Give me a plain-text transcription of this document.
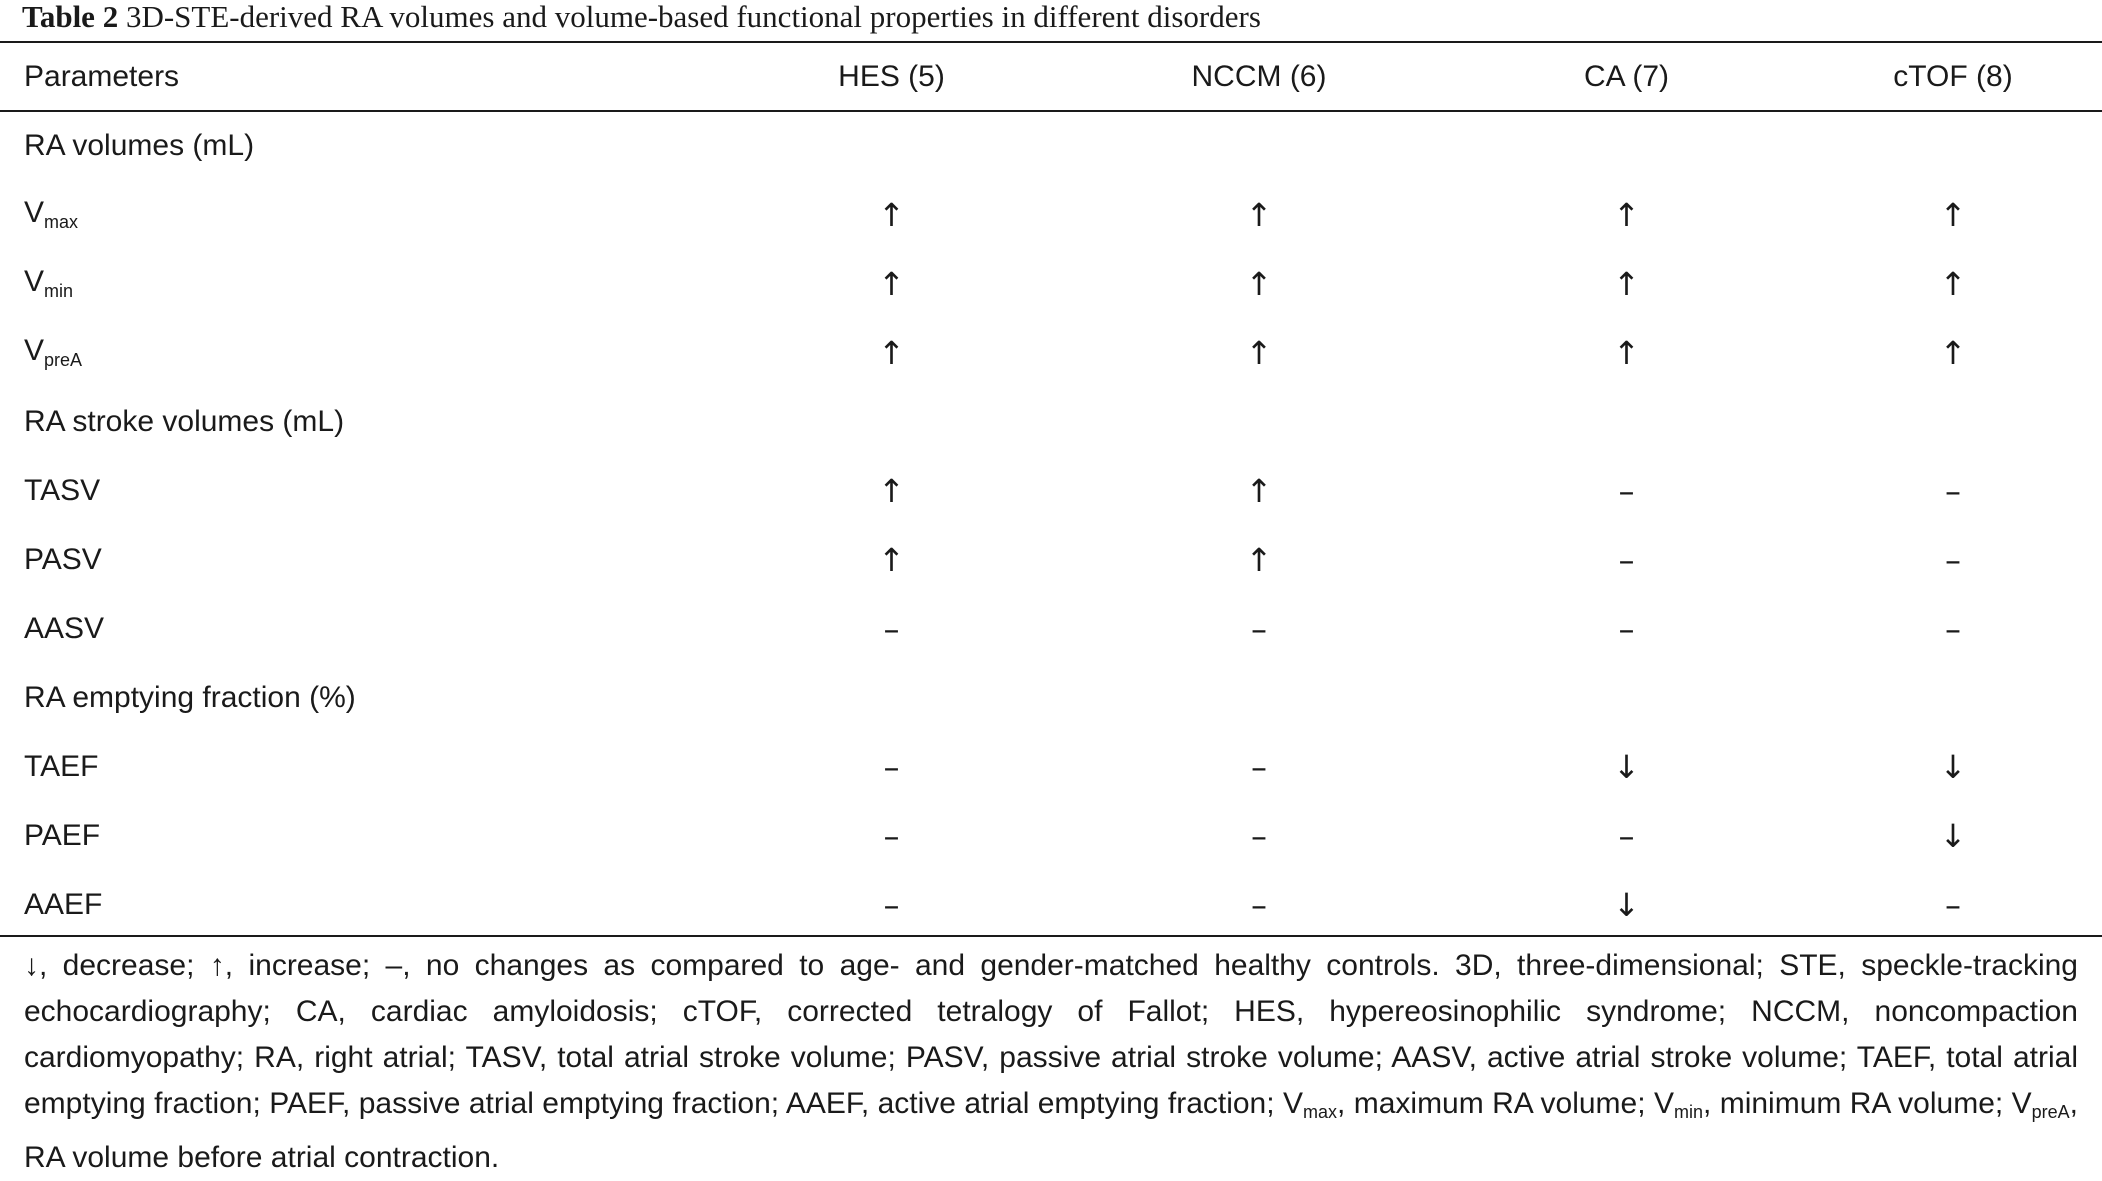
Table 2 3D-STE-derived RA volumes and volume-based functional properties in different disorders
Parameters	HES (5)	NCCM (6)	CA (7)	cTOF (8)
RA volumes (mL)				
$V_{max}$	↑	↑	↑	↑
$V_{min}$	↑	↑	↑	↑
$V_{preA}$	↑	↑	↑	↑
RA stroke volumes (mL)				
TASV	↑	↑	–	–
PASV	↑	↑	–	–
AASV	–	–	–	–
RA emptying fraction (%)				
TAEF	–	–	↓	↓
PAEF	–	–	–	↓
AAEF	–	–	↓	–
↓, decrease; ↑, increase; –, no changes as compared to age- and gender-matched healthy controls. 3D, three-dimensional; STE, speckle-tracking echocardiography; CA, cardiac amyloidosis; cTOF, corrected tetralogy of Fallot; HES, hypereosinophilic syndrome; NCCM, noncompaction cardiomyopathy; RA, right atrial; TASV, total atrial stroke volume; PASV, passive atrial stroke volume; AASV, active atrial stroke volume; TAEF, total atrial emptying fraction; PAEF, passive atrial emptying fraction; AAEF, active atrial emptying fraction; $V_{max}$, maximum RA volume; $V_{min}$, minimum RA volume; $V_{preA}$, RA volume before atrial contraction.
